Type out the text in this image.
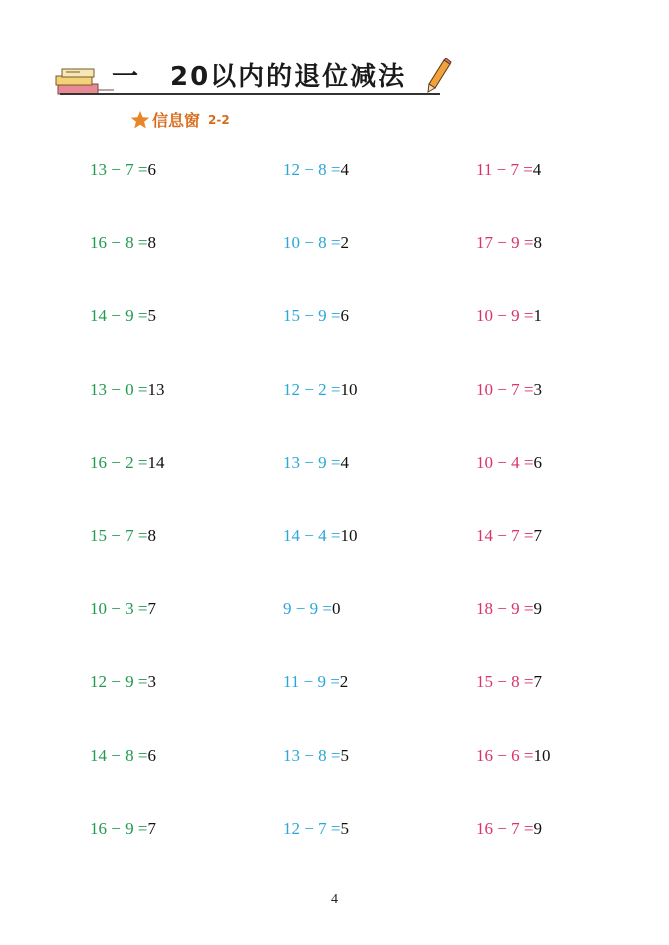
一 20以内的退位减法
信息窗 2-2
13 − 7 =6	12 − 8 =4	11 − 7 =4
16 − 8 =8	10 − 8 =2	17 − 9 =8
14 − 9 =5	15 − 9 =6	10 − 9 =1
13 − 0 =13	12 − 2 =10	10 − 7 =3
16 − 2 =14	13 − 9 =4	10 − 4 =6
15 − 7 =8	14 − 4 =10	14 − 7 =7
10 − 3 =7	9 − 9 =0	18 − 9 =9
12 − 9 =3	11 − 9 =2	15 − 8 =7
14 − 8 =6	13 − 8 =5	16 − 6 =10
16 − 9 =7	12 − 7 =5	16 − 7 =9
4
